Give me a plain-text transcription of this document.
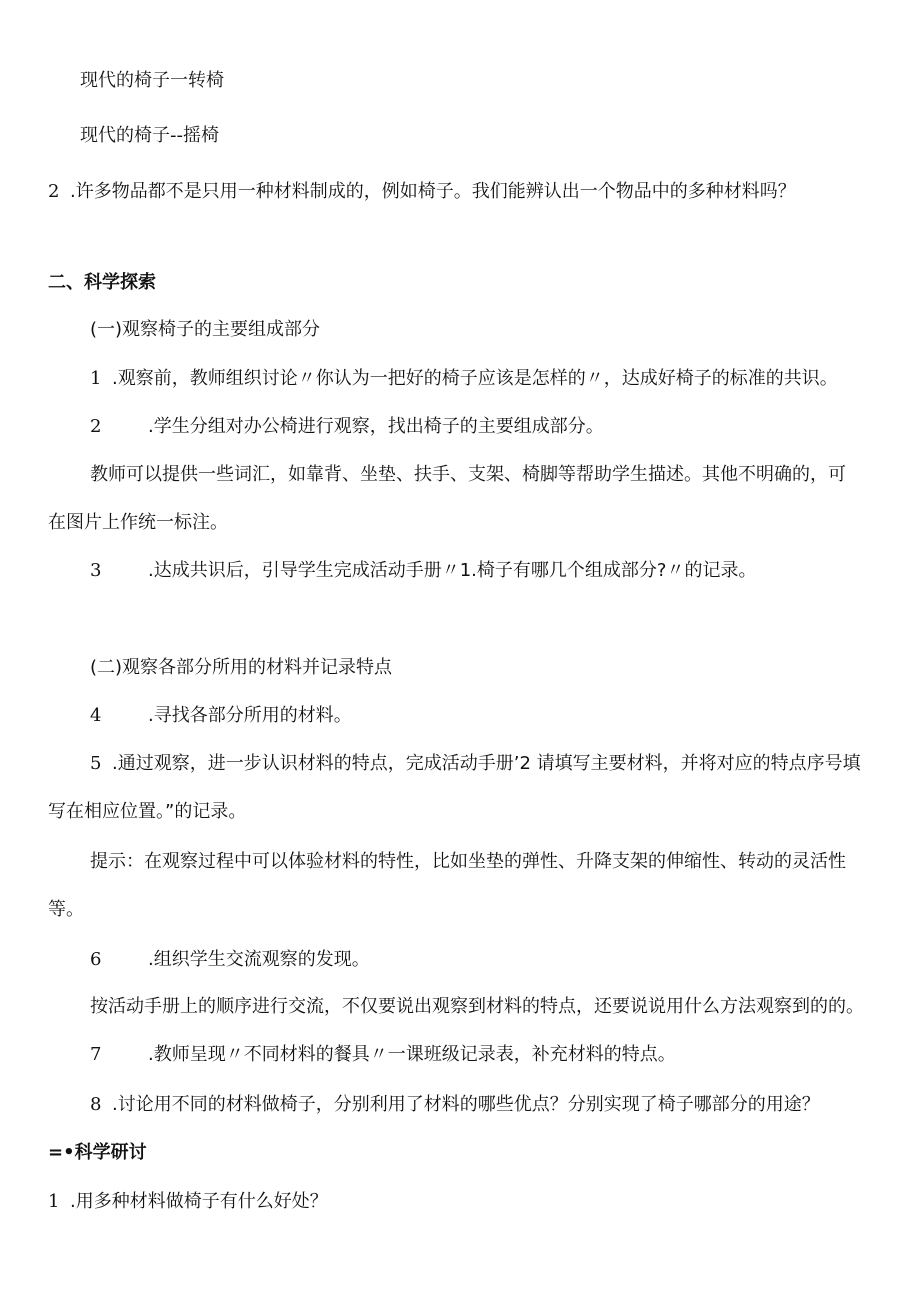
现代的椅子一转椅
现代的椅子--摇椅
2 .许多物品都不是只用一种材料制成的，例如椅子。我们能辨认出一个物品中的多种材料吗？
二、科学探索
(一)观察椅子的主要组成部分
1 .观察前，教师组织讨论〃你认为一把好的椅子应该是怎样的〃，达成好椅子的标准的共识。
2	.学生分组对办公椅进行观察，找出椅子的主要组成部分。
教师可以提供一些词汇，如靠背、坐垫、扶手、支架、椅脚等帮助学生描述。其他不明确的，可
在图片上作统一标注。
3	.达成共识后，引导学生完成活动手册〃1.椅子有哪几个组成部分?〃的记录。
(二)观察各部分所用的材料并记录特点
4	.寻找各部分所用的材料。
5 .通过观察，进一步认识材料的特点，完成活动手册’2 请填写主要材料，并将对应的特点序号填
写在相应位置。”的记录。
提示：在观察过程中可以体验材料的特性，比如坐垫的弹性、升降支架的伸缩性、转动的灵活性
等。
6	.组织学生交流观察的发现。
按活动手册上的顺序进行交流，不仅要说出观察到材料的特点，还要说说用什么方法观察到的的。
7	.教师呈现〃不同材料的餐具〃一课班级记录表，补充材料的特点。
8 .讨论用不同的材料做椅子，分别利用了材料的哪些优点？分别实现了椅子哪部分的用途？
=•科学研讨
1 .用多种材料做椅子有什么好处？
